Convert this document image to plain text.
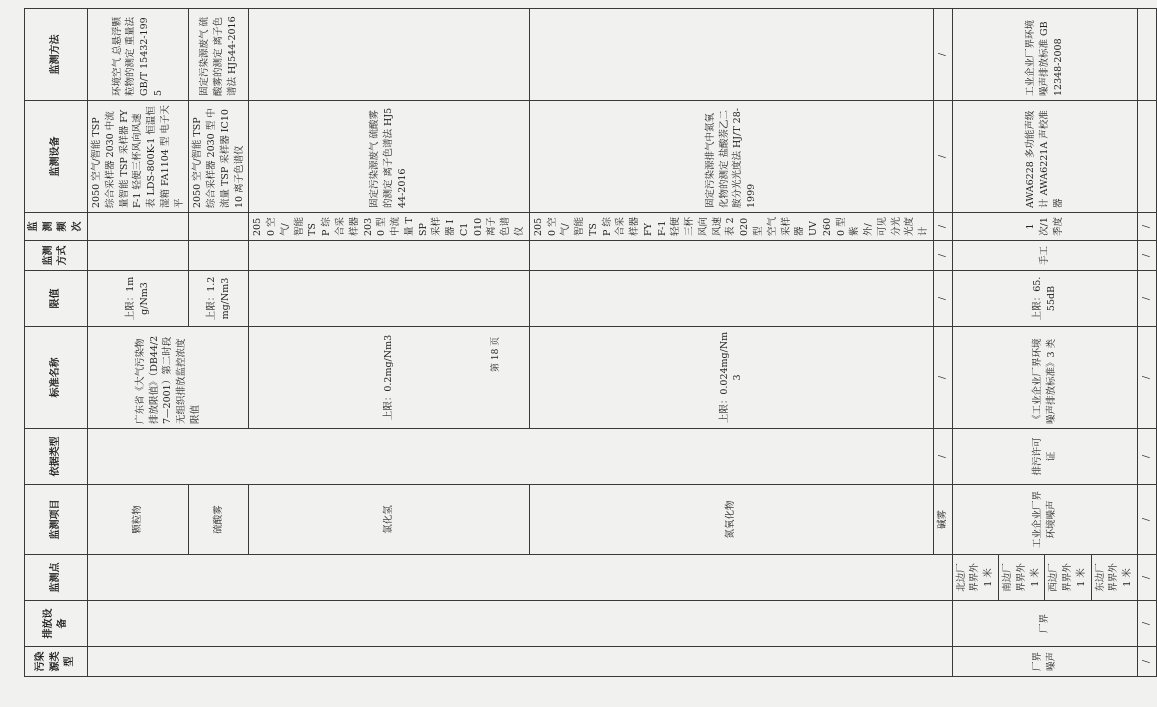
污染源类型	排放设备	监测点	监测项目	依据类型	标准名称	限值	监测方式	监测频次	监测设备	监测方法
			颗粒物		广东省《大气污染物排放限值》（DB44/27—2001）第二时段无组织排放监控浓度限值	上限：1mg/Nm3			2050 空气/智能 TSP 综合采样器 2030 中流量智能 TSP 采样器 FYF-1 轻便三杯风向风速表 LDS-800K-1 恒温恒湿箱 FA1104 型 电子天平	环境空气 总悬浮颗粒物的测定 重量法 GB/T 15432-1995
			硫酸雾			上限：1.2mg/Nm3			2050 空气/智能 TSP 综合采样器 2030 型 中流量 TSP 采样器 IC1010 离子色谱仪	固定污染源废气 硫酸雾的测定 离子色谱法 HJ544-2016
			氯化氢		上限：0.2mg/Nm3			2050 空气/智能 TSP 综合采样器 2030 型 中流量 TSP 采样器 IC1010 离子色谱仪	固定污染源废气 硫酸雾的测定 离子色谱法 HJ544-2016	
			氮氧化物		上限：0.024mg/Nm3			2050 空气/智能 TSP 综合采样器 FYF-1 轻便三杯风向风速表 2020 型 空气采样器 UV2600 型 紫外/可见分光光度计	固定污染源排气中氮氧化物的测定 盐酸萘乙二胺分光光度法 HJ/T 28-1999	
			碱雾	/	/	/	/	/	/	/
厂界噪声	厂界	北边厂界界外 1 米	工业企业厂界环境噪声	排污许可证	《工业企业厂界环境噪声排放标准》3 类	上限：65.55dB	手工	1 次/1 季度	AWA6228 多功能声级计 AWA6221A 声校准器	工业企业厂界环境噪声排放标准 GB 12348-2008
		南边厂界界外 1 米								
		西边厂界界外 1 米								
		东边厂界界外 1 米								
/	/	/	/	/	/	/	/	/		
第 18 页
